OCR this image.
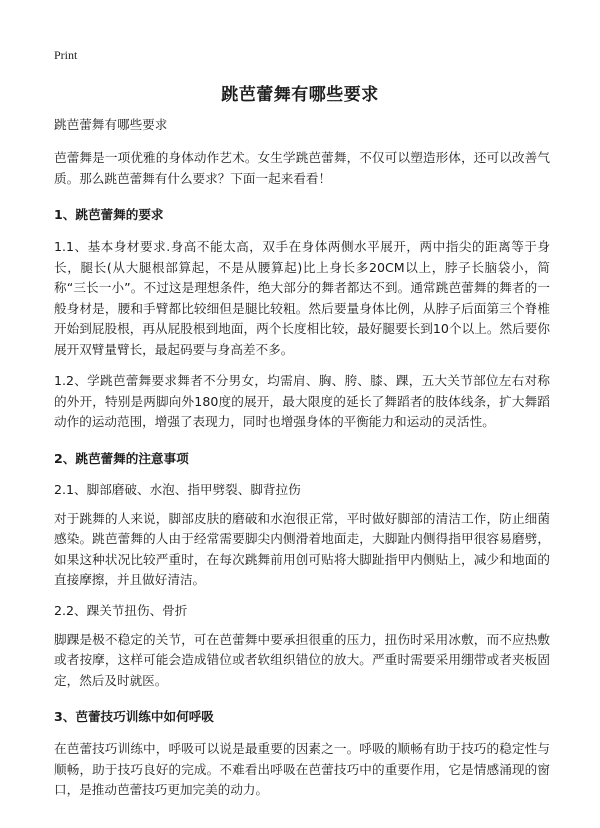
Print
跳芭蕾舞有哪些要求
跳芭蕾舞有哪些要求

芭蕾舞是一项优雅的身体动作艺术。女生学跳芭蕾舞，不仅可以塑造形体，还可以改善气质。那么跳芭蕾舞有什么要求？下面一起来看看！

1、跳芭蕾舞的要求

1.1、基本身材要求.身高不能太高，双手在身体两侧水平展开，两中指尖的距离等于身长，腿长(从大腿根部算起，不是从腰算起)比上身长多20CM以上，脖子长脑袋小，简称“三长一小”。不过这是理想条件，绝大部分的舞者都达不到。通常跳芭蕾舞的舞者的一般身材是，腰和手臂都比较细但是腿比较粗。然后要量身体比例，从脖子后面第三个脊椎开始到屁股根，再从屁股根到地面，两个长度相比较，最好腿要长到10个以上。然后要你展开双臂量臂长，最起码要与身高差不多。

1.2、学跳芭蕾舞要求舞者不分男女，均需肩、胸、胯、膝、踝，五大关节部位左右对称的外开，特别是两脚向外180度的展开，最大限度的延长了舞蹈者的肢体线条，扩大舞蹈动作的运动范围，增强了表现力，同时也增强身体的平衡能力和运动的灵活性。

2、跳芭蕾舞的注意事项
2.1、脚部磨破、水泡、指甲劈裂、脚背拉伤

对于跳舞的人来说，脚部皮肤的磨破和水泡很正常，平时做好脚部的清洁工作，防止细菌感染。跳芭蕾舞的人由于经常需要脚尖内侧滑着地面走，大脚趾内侧得指甲很容易磨劈，如果这种状况比较严重时，在每次跳舞前用创可贴将大脚趾指甲内侧贴上，减少和地面的直接摩擦，并且做好清洁。

2.2、踝关节扭伤、骨折

脚踝是极不稳定的关节，可在芭蕾舞中要承担很重的压力，扭伤时采用冰敷，而不应热敷或者按摩，这样可能会造成错位或者软组织错位的放大。严重时需要采用绷带或者夹板固定，然后及时就医。

3、芭蕾技巧训练中如何呼吸

在芭蕾技巧训练中，呼吸可以说是最重要的因素之一。呼吸的顺畅有助于技巧的稳定性与顺畅，助于技巧良好的完成。不难看出呼吸在芭蕾技巧中的重要作用，它是情感涌现的窗口，是推动芭蕾技巧更加完美的动力。
